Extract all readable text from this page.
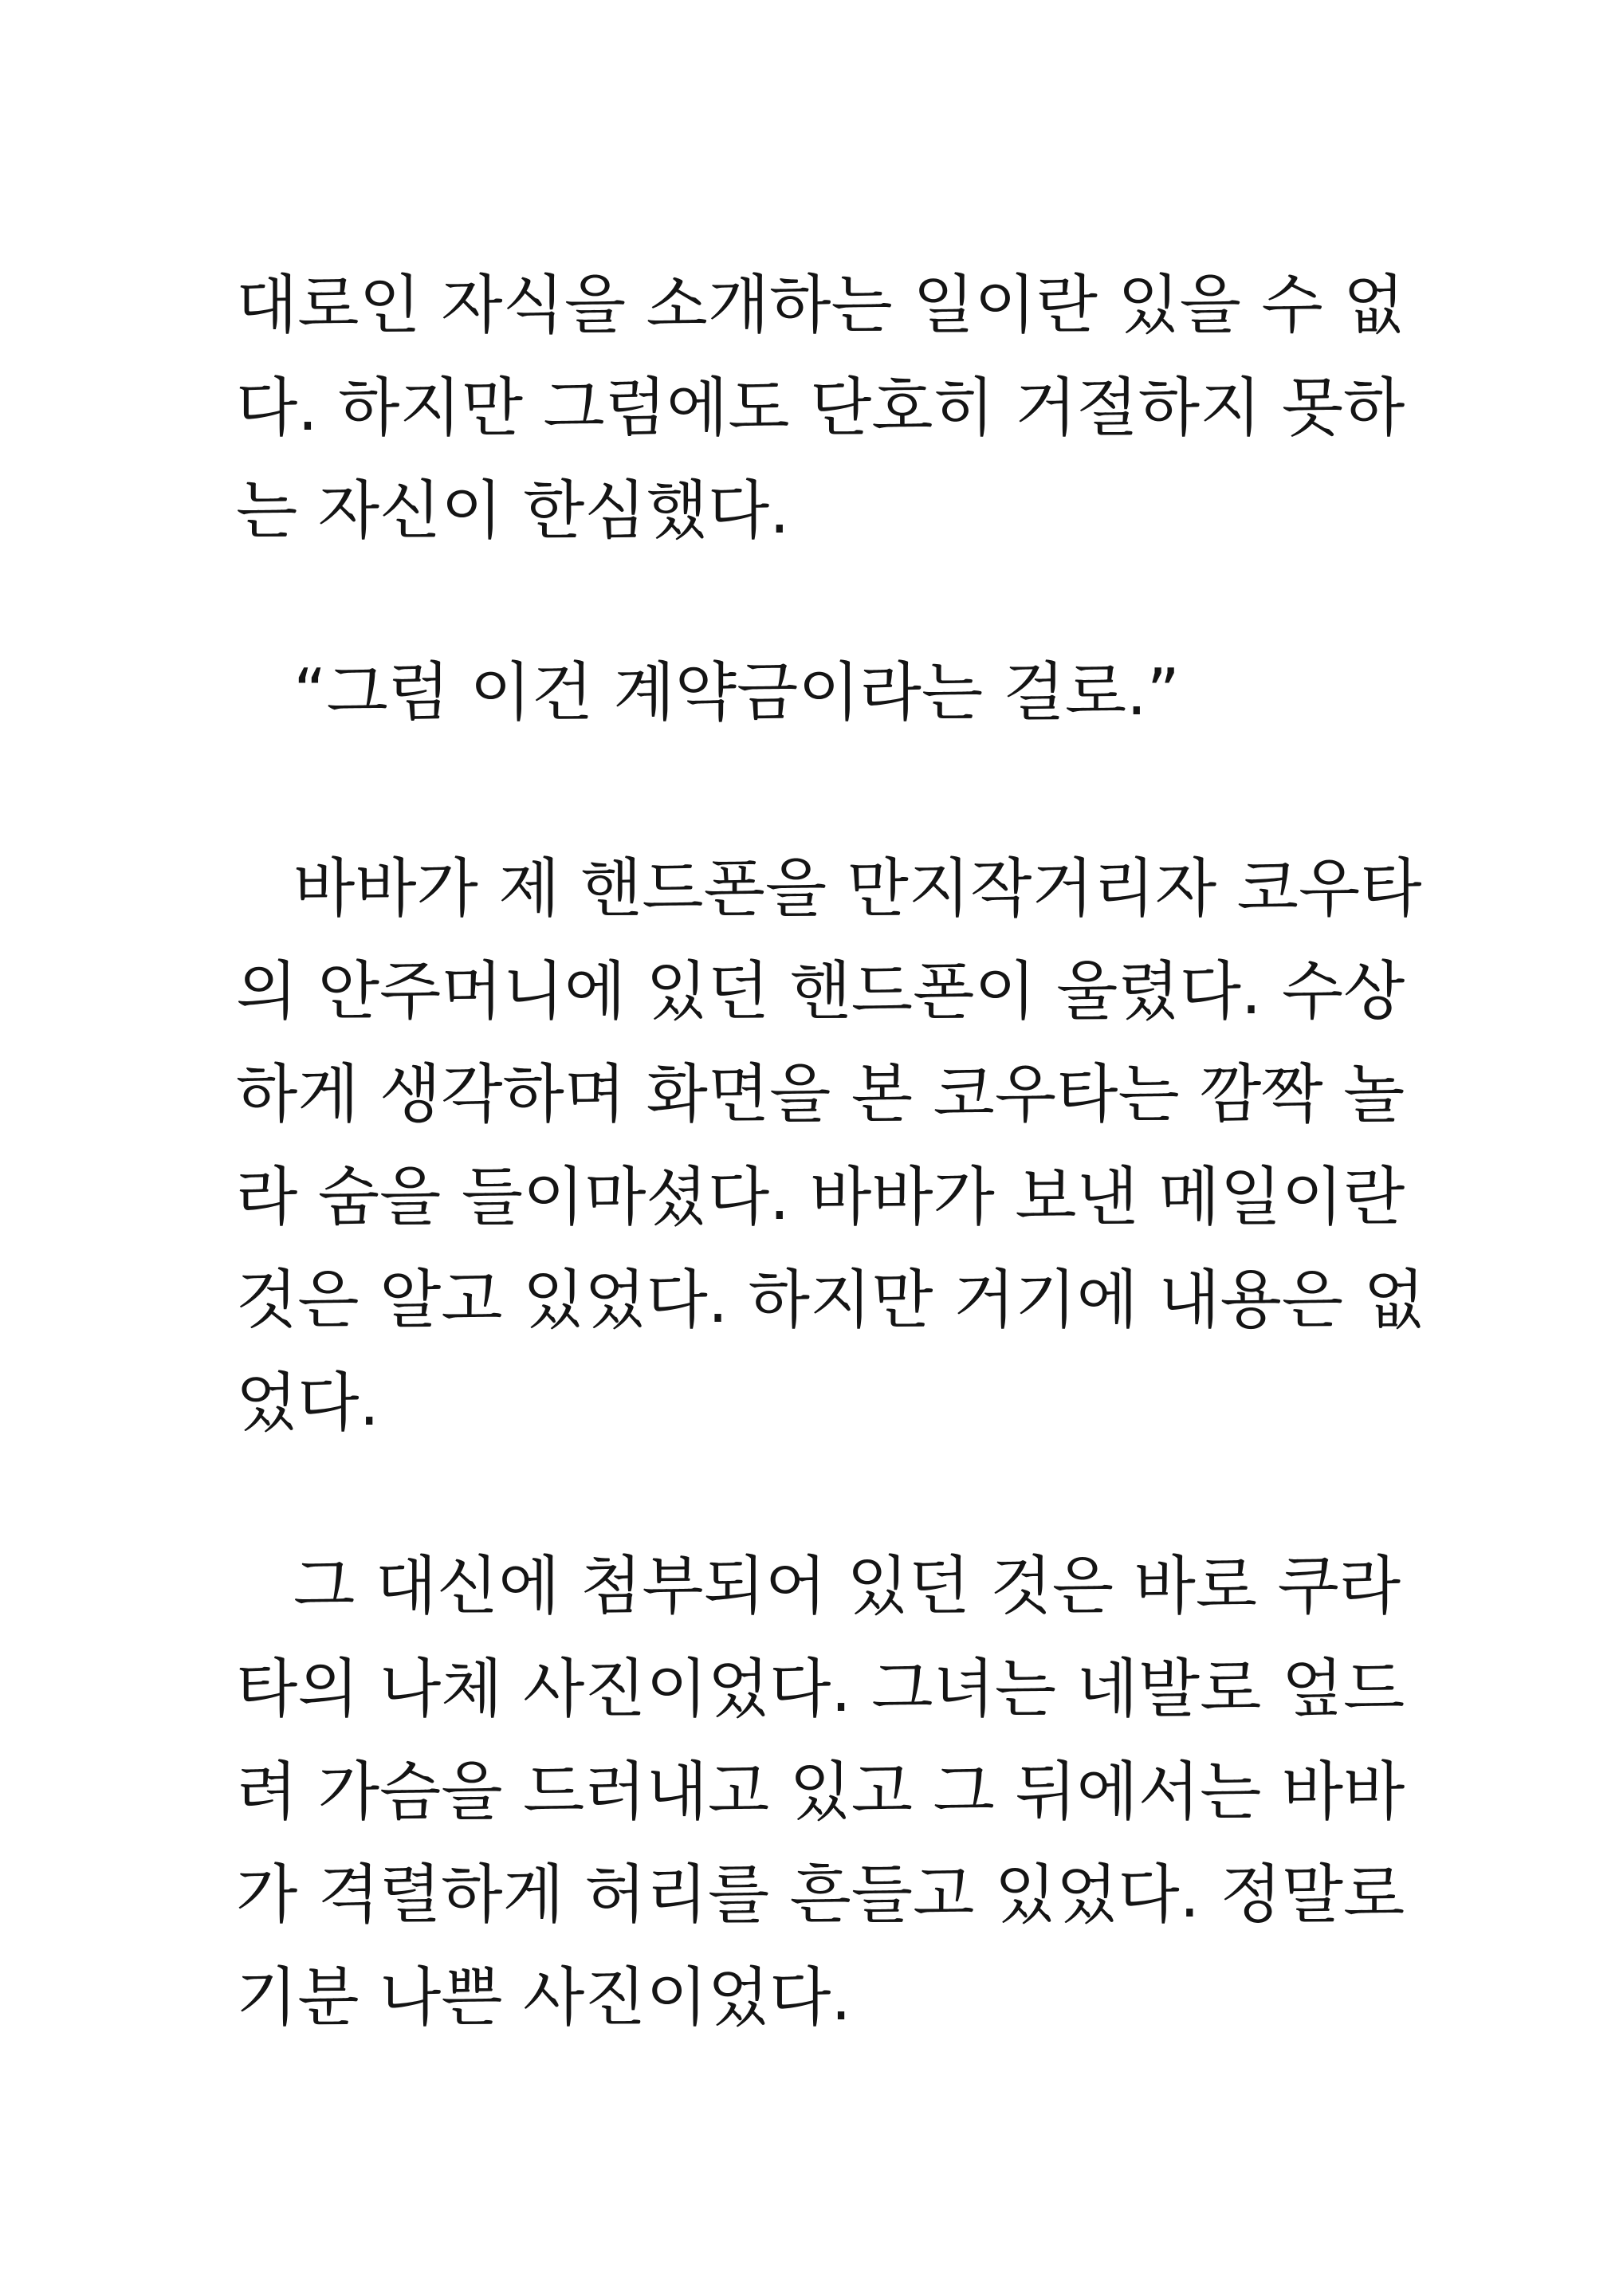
대로인 자식을 소개하는 일이란 있을 수 없
다. 하지만 그럼에도 단호히 거절하지 못하
는 자신이 한심했다.
“그럼 이건 계약금이라는 걸로.”
바바가 제 핸드폰을 만지작거리자 코우타
의 안주머니에 있던 핸드폰이 울렸다. 수상
하게 생각하며 화면을 본 코우타는 깜짝 놀
라 숨을 들이마셨다. 바바가 보낸 메일이란
것은 알고 있었다. 하지만 거기에 내용은 없
었다.
그 대신에 첨부되어 있던 것은 바로 쿠라
타의 나체 사진이었다. 그녀는 네발로 엎드
려 가슴을 드러내고 있고 그 뒤에서는 바바
가 격렬하게 허리를 흔들고 있었다. 정말로
기분 나쁜 사진이었다.
